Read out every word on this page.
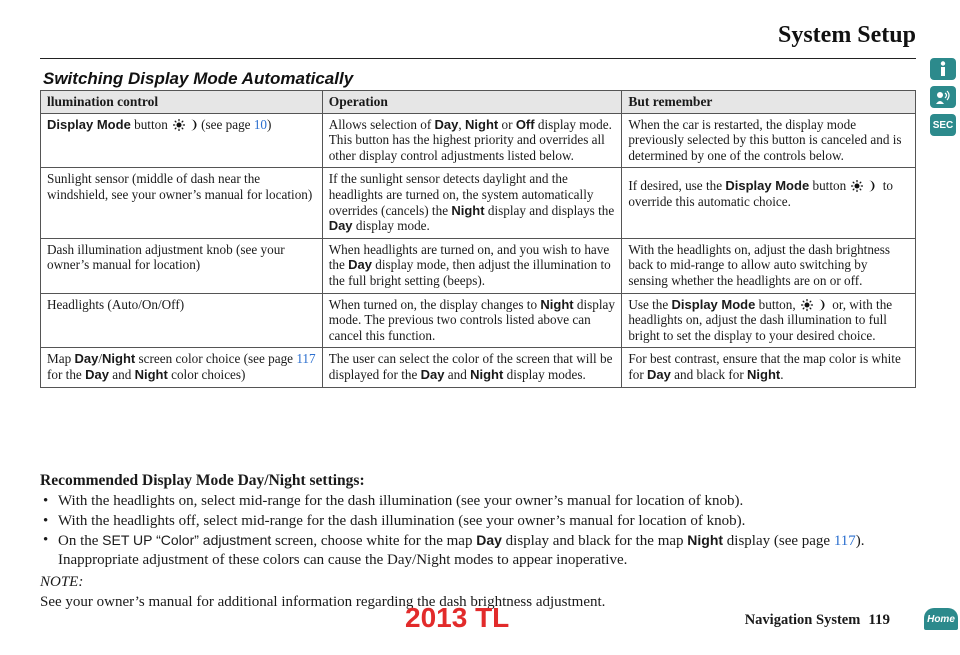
System Setup
Switching Display Mode Automatically
llumination control	Operation	But remember
Display Mode button
(see page 10)	Allows selection of Day, Night or Off display mode. This button has the highest priority and overrides all other display control adjustments listed below.	When the car is restarted, the display mode previously selected by this button is canceled and is determined by one of the controls below.
Sunlight sensor (middle of dash near the windshield, see your owner’s manual for location)	If the sunlight sensor detects daylight and the headlights are turned on, the system automatically overrides (cancels) the Night display and displays the Day display mode.	If desired, use the Display Mode button
to override this automatic choice.
Dash illumination adjustment knob (see your owner’s manual for location)	When headlights are turned on, and you wish to have the Day display mode, then adjust the illumination to the full bright setting (beeps).	With the headlights on, adjust the dash brightness back to mid-range to allow auto switching by sensing whether the headlights are on or off.
Headlights (Auto/On/Off)	When turned on, the display changes to Night display mode. The previous two controls listed above can cancel this function.	Use the Display Mode button,
or, with the headlights on, adjust the dash illumination to full bright to set the display to your desired choice.
Map Day/Night screen color choice (see page 117 for the Day and Night color choices)	The user can select the color of the screen that will be displayed for the Day and Night display modes.	For best contrast, ensure that the map color is white for Day and black for Night.
Recommended Display Mode Day/Night settings:
• With the headlights on, select mid-range for the dash illumination (see your owner’s manual for location of knob).
• With the headlights off, select mid-range for the dash illumination (see your owner’s manual for location of knob).
• On the SET UP “Color” adjustment screen, choose white for the map Day display and black for the map Night display (see page 117). Inappropriate adjustment of these colors can cause the Day/Night modes to appear inoperative.
NOTE:
See your owner’s manual for additional information regarding the dash brightness adjustment.
2013 TL	Navigation System 119
SEC
Home
